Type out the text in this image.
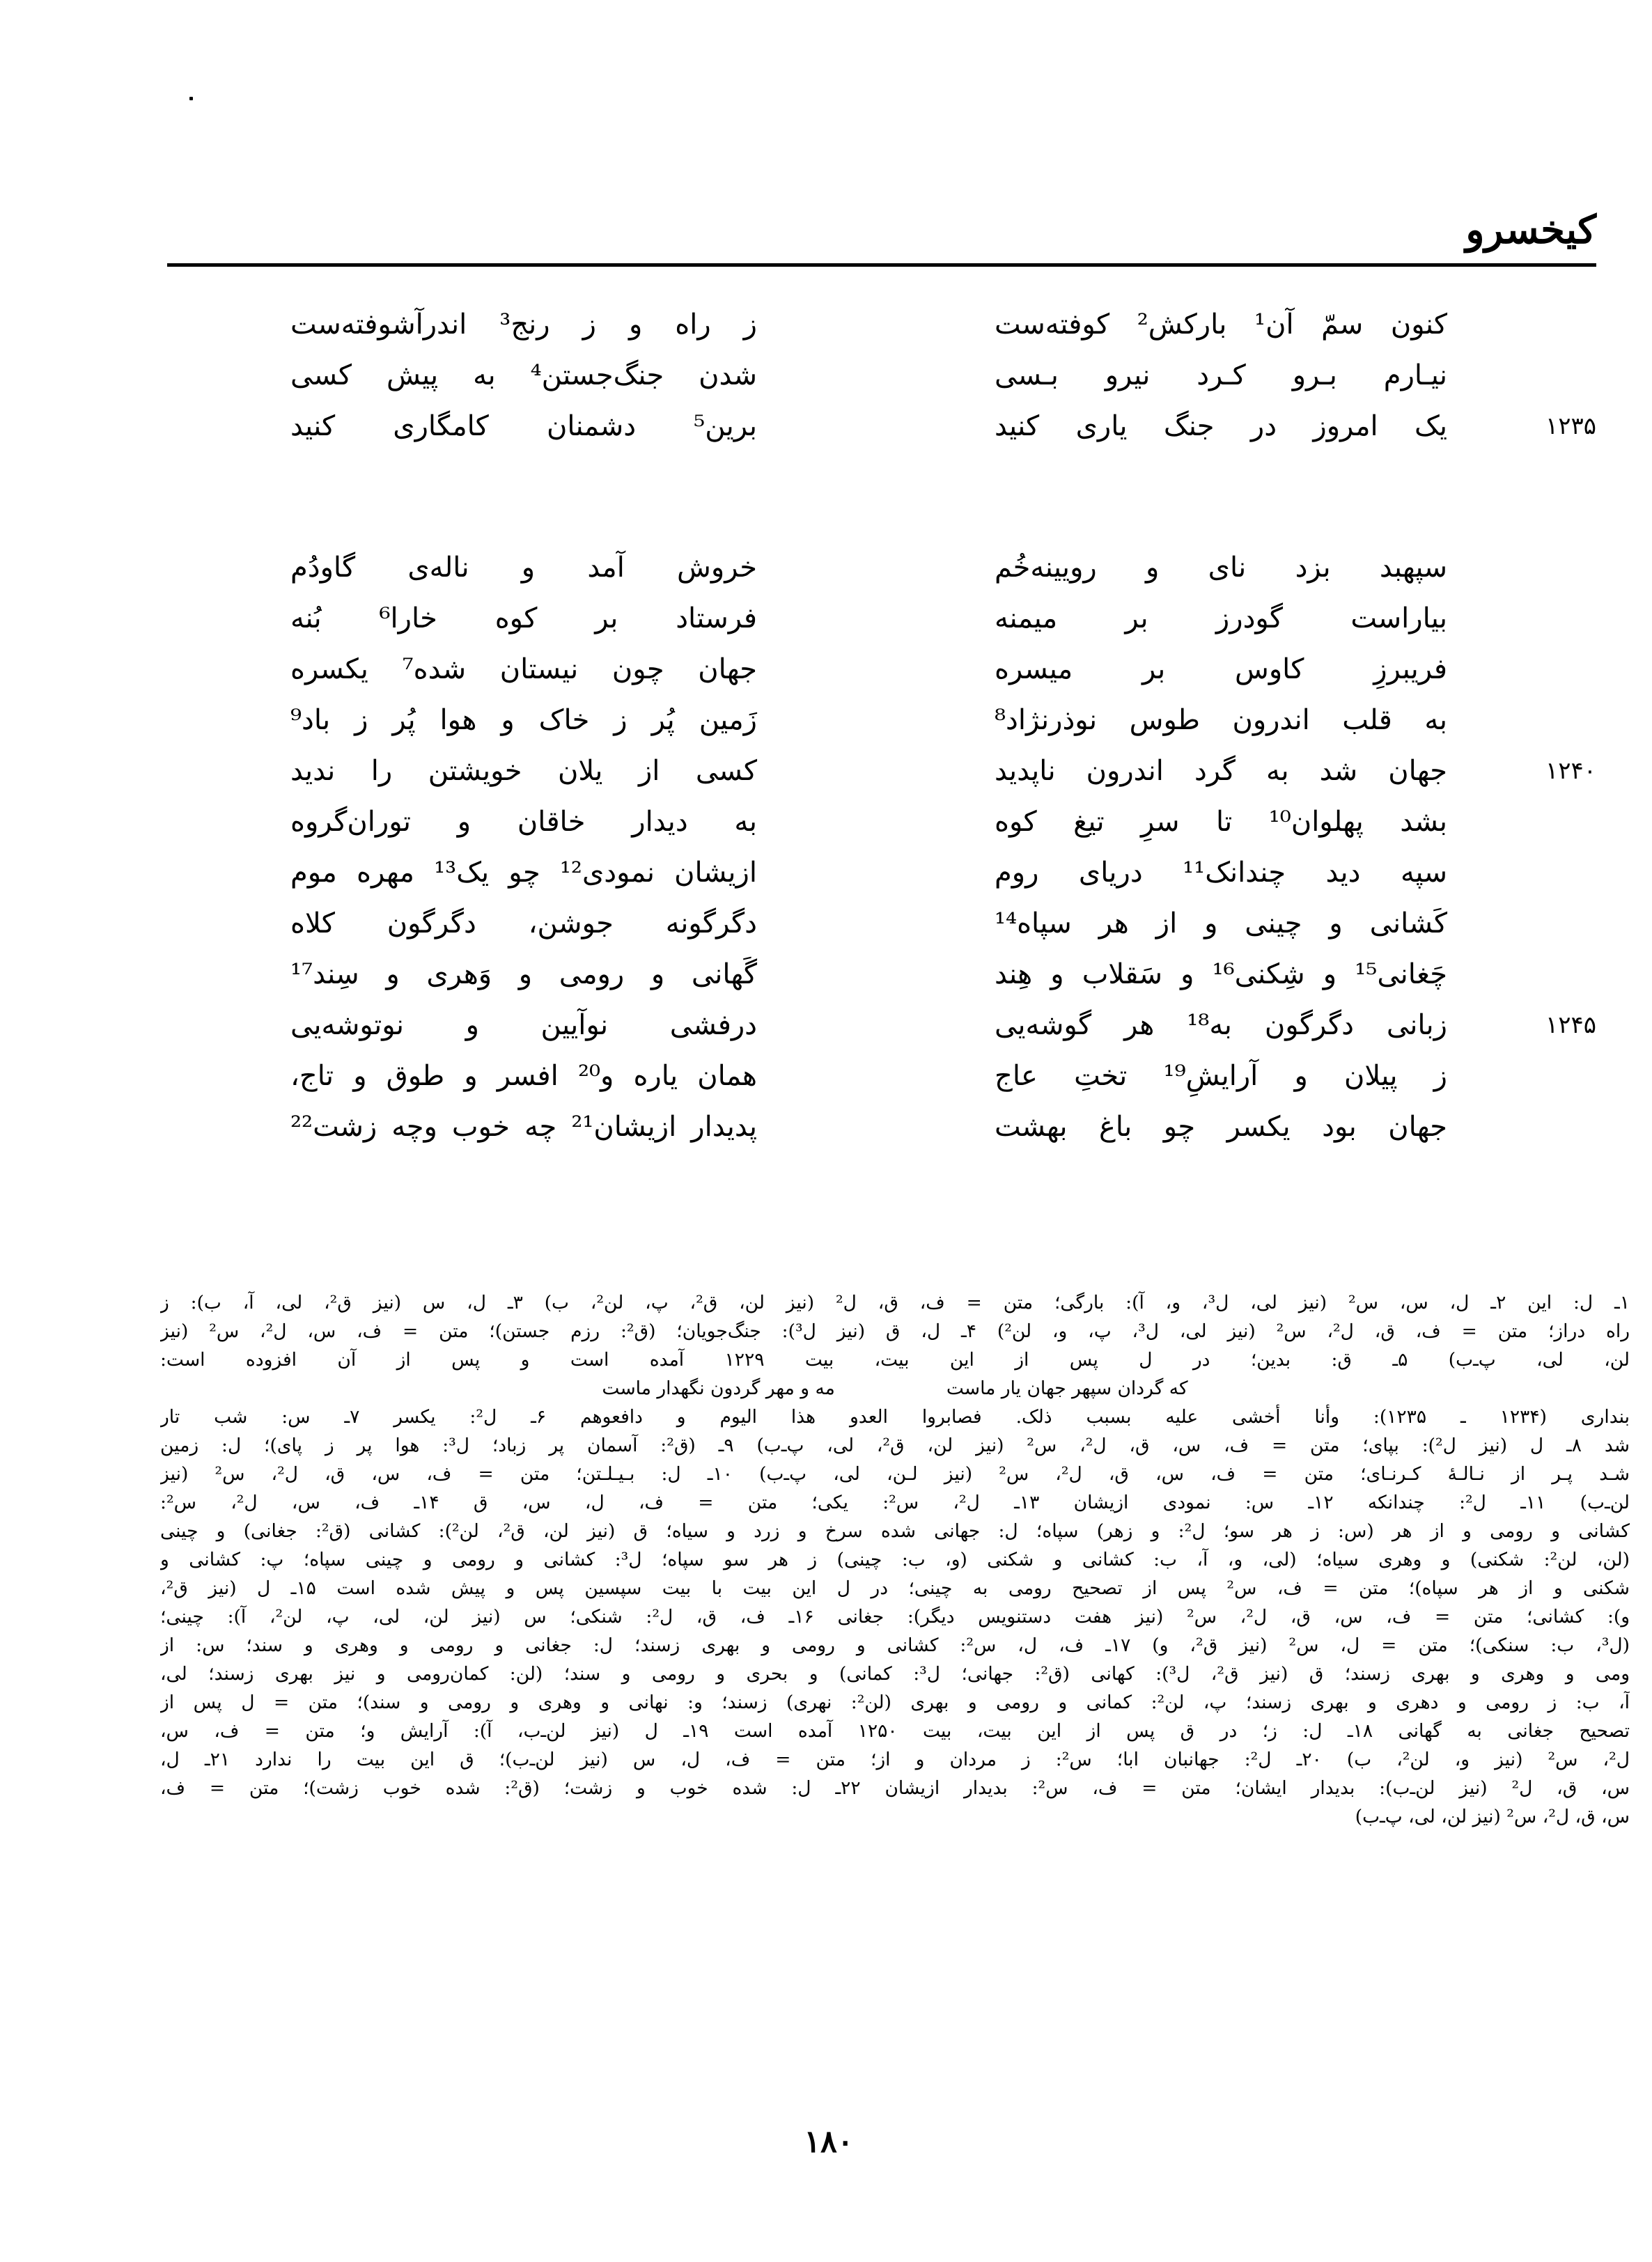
کیخسرو
کنون سمّ آن¹ بارکش² کوفته‌ست
ز راه و ز رنج³ اندرآشوفته‌ست
نیـارم بـرو کـرد نیرو بـسی
شدن جنگ‌جستن⁴ به پیش کسی
۱۲۳۵
یک امروز در جنگ یاری کنید
برین⁵ دشمنان کامگاری کنید
سپهبد بزد نای و رویینه‌خُم
خروش آمد و ناله‌ی گاودُم
بیاراست گودرز بر میمنه
فرستاد بر کوه خارا⁶ بُنه
فریبرزِ کاوس بر میسره
جهان چون نیستان شده⁷ یکسره
به قلب اندرون طوس نوذرنژاد⁸
زَمین پُر ز خاک و هوا پُر ز باد⁹
۱۲۴۰
جهان شد به گرد اندرون ناپدید
کسی از یلان خویشتن را ندید
بشد پهلوان¹⁰ تا سرِ تیغ کوه
به دیدار خاقان و توران‌گروه
سپه دید چندانک¹¹ دریای روم
ازیشان نمودی¹² چو یک¹³ مهره موم
کَشانی و چینی و از هر سپاه¹⁴
دگرگونه جوشن، دگرگون کلاه
چَغانی¹⁵ و شِکنی¹⁶ و سَقلاب و هِند
گَهانی و رومی و وَهری و سِند¹⁷
۱۲۴۵
زبانی دگرگون به¹⁸ هر گوشه‌یی
درفشی نوآیین و نوتوشه‌یی
ز پیلان و آرایشِ¹⁹ تختِ عاج
همان یاره و²⁰ افسر و طوق و تاج،
جهان بود یکسر چو باغ بهشت
پدیدار ازیشان²¹ چه خوب وچه زشت²²
۱ـ ل: این ۲ـ ل، س، س² (نیز لی، ل³، و، آ): بارگی؛ متن = ف، ق، ل² (نیز لن، ق²، پ، لن²، ب) ۳ـ ل، س (نیز ق²، لی، آ، ب): ز
راه دراز؛ متن = ف، ق، ل²، س² (نیز لی، ل³، پ، و، لن²) ۴ـ ل، ق (نیز ل³): جنگ‌جویان؛ (ق²: رزم جستن)؛ متن = ف، س، ل²، س² (نیز
لن، لی، پ‌ـ‌ب) ۵ـ ق: بدین؛ در ل پس از این بیت، بیت ۱۲۲۹ آمده است و پس از آن افزوده است:
که گردان سپهر جهان یار ماست
مه و مهر گردون نگهدار ماست
بنداری (۱۲۳۴ ـ ۱۲۳۵): وأنا أخشى علیه بسبب ذلک. فصابروا العدو هذا الیوم و دافعوهم ۶ـ ل²: یکسر ۷ـ س: شب تار
شد ۸ـ ل (نیز ل²): بپای؛ متن = ف، س، ق، ل²، س² (نیز لن، ق²، لی، پ‌ـ‌ب) ۹ـ (ق²: آسمان پر زباد؛ ل³: هوا پر ز پای)؛ ل: زمین
شـد پـر از نـالـهٔ کـرنـای؛ متن = ف، س، ق، ل²، س² (نیز لـن، لی، پ‌ـ‌ب) ۱۰ـ ل: بـیـلـتن؛ متن = ف، س، ق، ل²، س² (نیز
لن‌ـ‌ب) ۱۱ـ ل²: چندانکه ۱۲ـ س: نمودی ازیشان ۱۳ـ ل²، س²: یکی؛ متن = ف، ل، س، ق ۱۴ـ ف، س، ل²، س²:
کشانی و رومی و از هر (س: ز هر سو؛ ل²: و زهر) سپاه؛ ل: جهانی شده سرخ و زرد و سیاه؛ ق (نیز لن، ق²، لن²): کشانی (ق²: جغانی) و چینی
(لن، لن²: شکنی) و وهری سیاه؛ (لی، و، آ، ب: کشانی و شکنی (و، ب: چینی) ز هر سو سپاه؛ ل³: کشانی و رومی و چینی سپاه؛ پ: کشانی و
شکنی و از هر سپاه)؛ متن = ف، س² پس از تصحیح رومی به چینی؛ در ل این بیت با بیت سپسین پس و پیش شده است ۱۵ـ ل (نیز ق²،
و): کشانی؛ متن = ف، س، ق، ل²، س² (نیز هفت دستنویس دیگر): جغانی ۱۶ـ ف، ق، ل²: شنکی؛ س (نیز لن، لی، پ، لن²، آ): چینی؛
(ل³، ب: سنکی)؛ متن = ل، س² (نیز ق²، و) ۱۷ـ ف، ل، س²: کشانی و رومی و بهری زسند؛ ل: جغانی و رومی و وهری و سند؛ س: از
ومی و وهری و بهری زسند؛ ق (نیز ق²، ل³): کهانی (ق²: جهانی؛ ل³: کمانی) و بحری و رومی و سند؛ (لن: کمان‌رومی و نیز بهری زسند؛ لی،
آ، ب: ز رومی و دهری و بهری زسند؛ پ، لن²: کمانی و رومی و بهری (لن²: نهری) زسند؛ و: نهانی و وهری و رومی و سند)؛ متن = ل پس از
تصحیح جغانی به گهانی ۱۸ـ ل: ز؛ در ق پس از این بیت، بیت ۱۲۵۰ آمده است ۱۹ـ ل (نیز لن‌ـ‌ب، آ): آرایش و؛ متن = ف، س،
ل²، س² (نیز و، لن²، ب) ۲۰ـ ل²: جهانبان ابا؛ س²: ز مردان و از؛ متن = ف، ل، س (نیز لن‌ـ‌ب)؛ ق این بیت را ندارد ۲۱ـ ل،
س، ق، ل² (نیز لن‌ـ‌ب): بدیدار ایشان؛ متن = ف، س²: بدیدار ازیشان ۲۲ـ ل: شده خوب و زشت؛ (ق²: شده خوب زشت)؛ متن = ف،
س، ق، ل²، س² (نیز لن، لی، پ‌ـ‌ب)
۱۸۰
